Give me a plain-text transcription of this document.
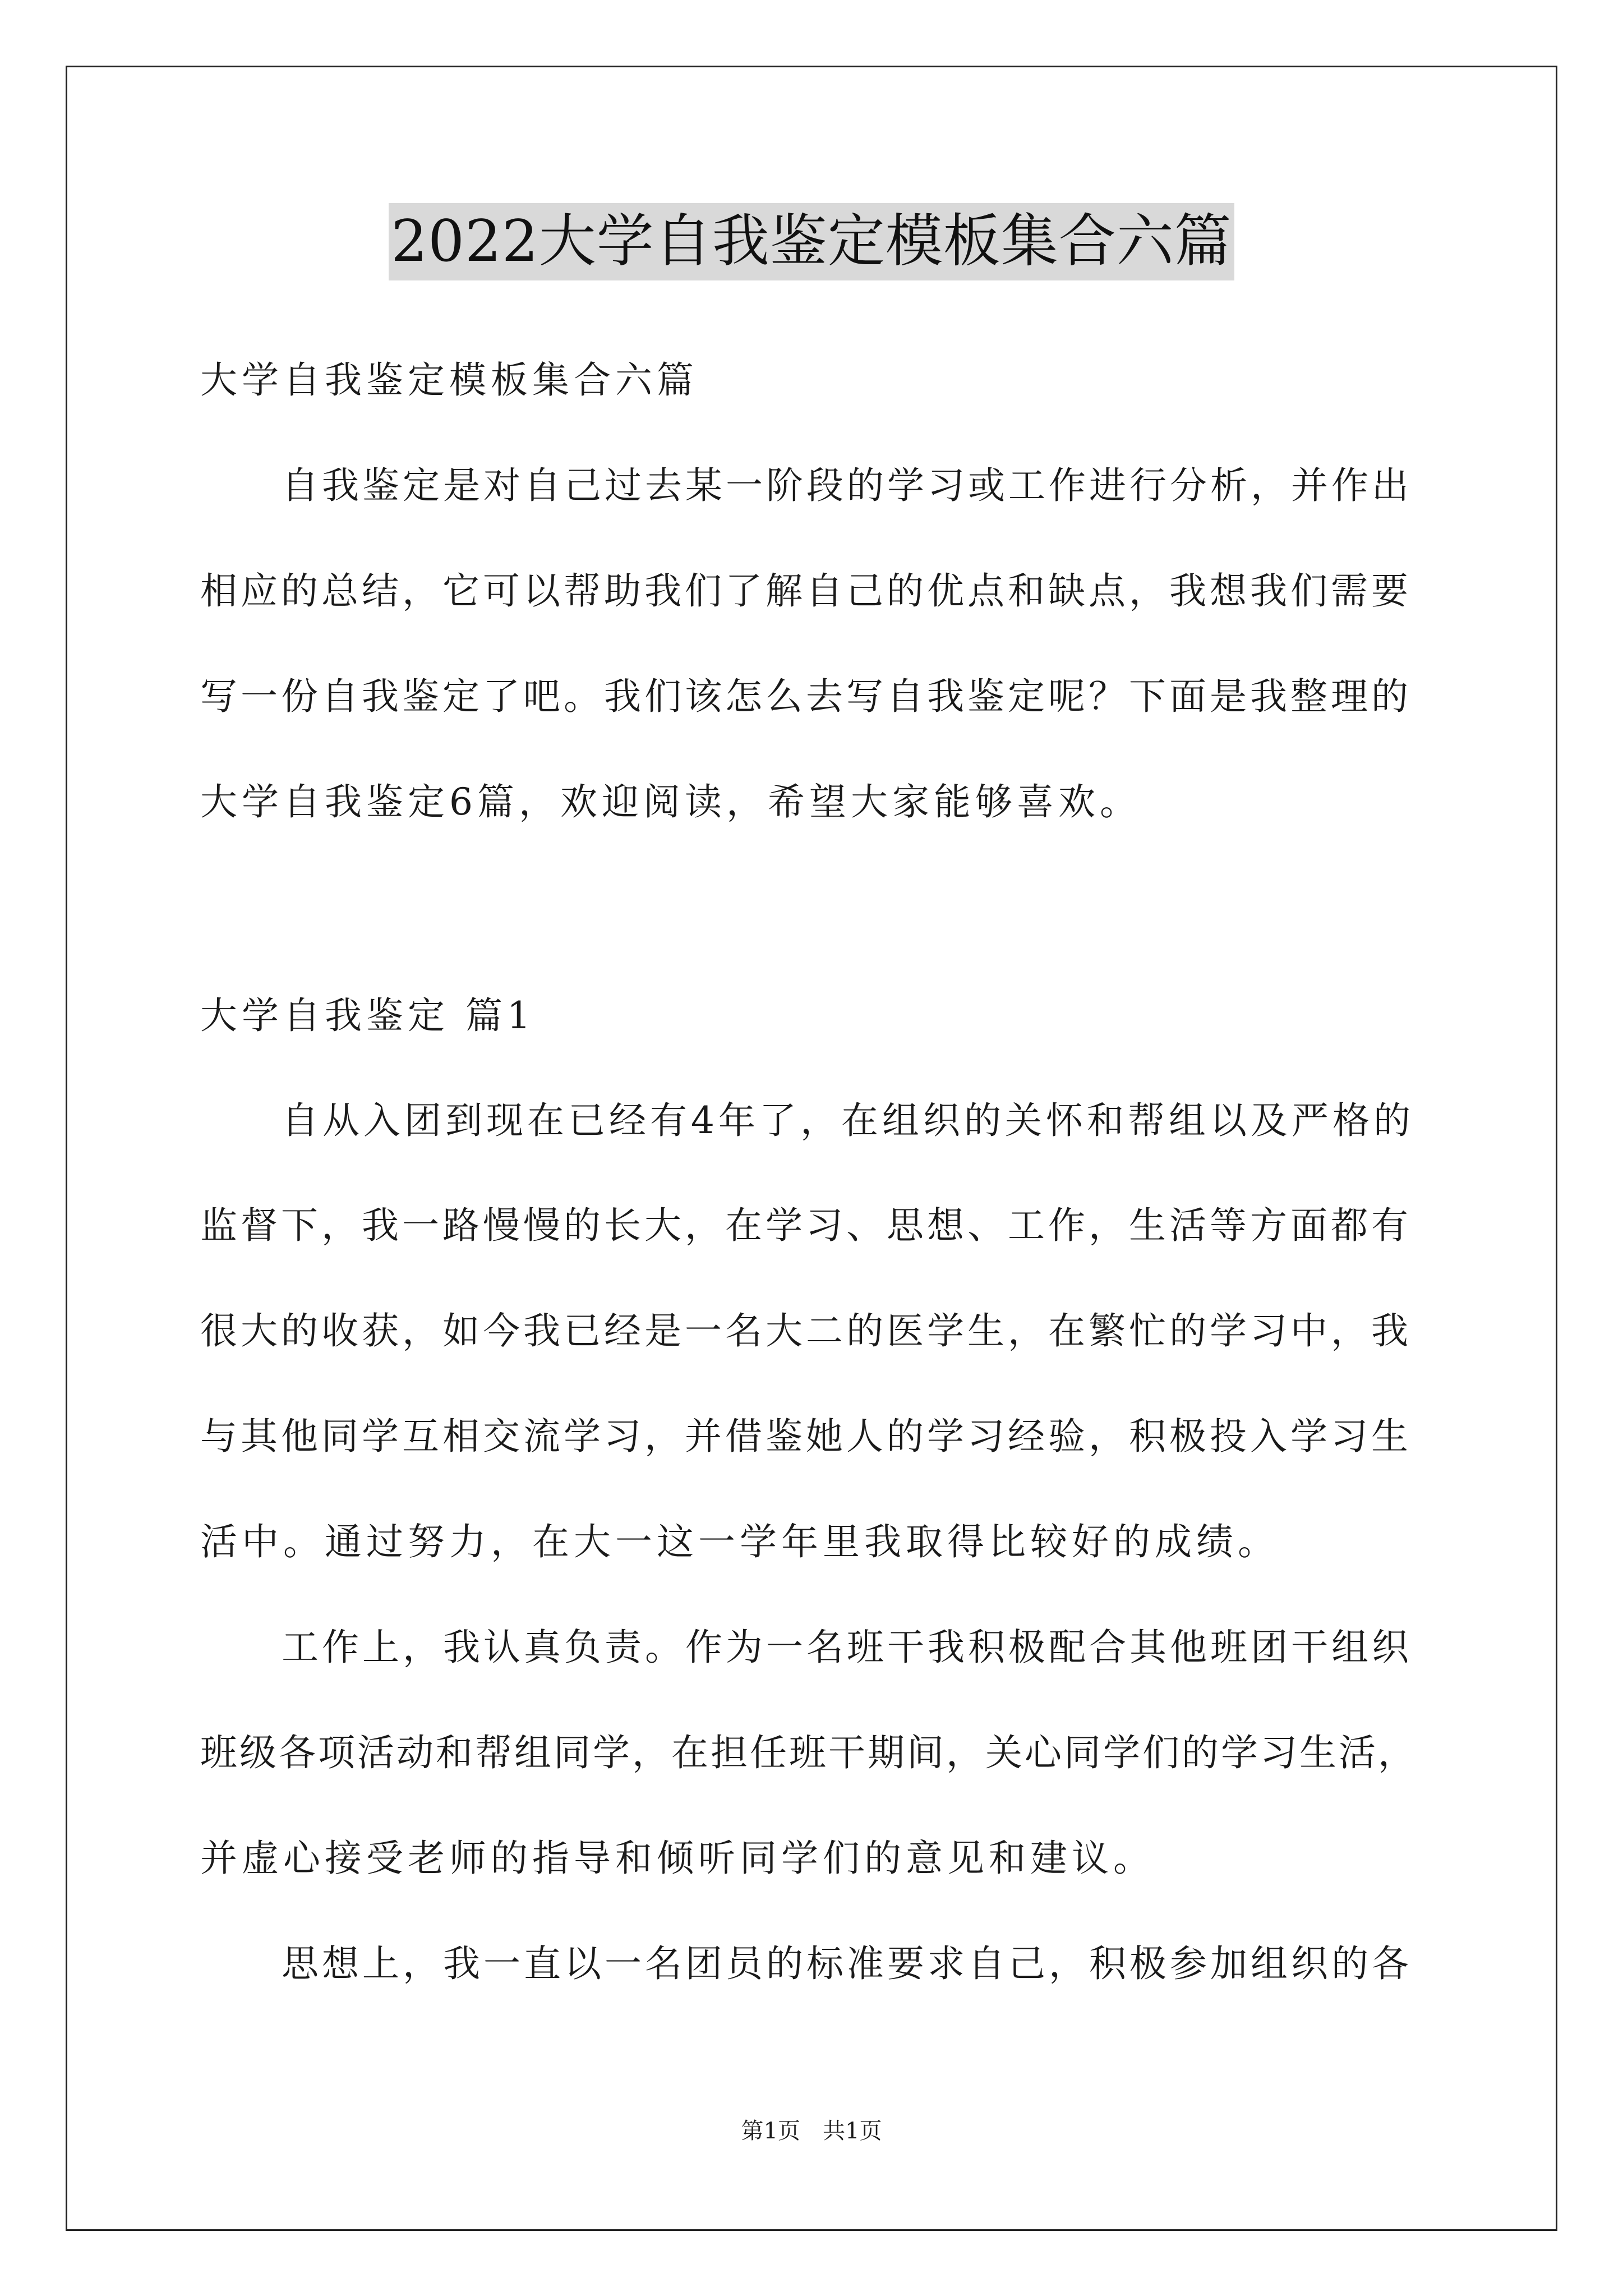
2022大学自我鉴定模板集合六篇

大学自我鉴定模板集合六篇

自我鉴定是对自己过去某一阶段的学习或工作进行分析，并作出

相应的总结，它可以帮助我们了解自己的优点和缺点，我想我们需要

写一份自我鉴定了吧。我们该怎么去写自我鉴定呢？下面是我整理的

大学自我鉴定6篇，欢迎阅读，希望大家能够喜欢。

大学自我鉴定 篇1

自从入团到现在已经有4年了，在组织的关怀和帮组以及严格的

监督下，我一路慢慢的长大，在学习、思想、工作，生活等方面都有

很大的收获，如今我已经是一名大二的医学生，在繁忙的学习中，我

与其他同学互相交流学习，并借鉴她人的学习经验，积极投入学习生

活中。通过努力，在大一这一学年里我取得比较好的成绩。

工作上，我认真负责。作为一名班干我积极配合其他班团干组织

班级各项活动和帮组同学，在担任班干期间，关心同学们的学习生活，

并虚心接受老师的指导和倾听同学们的意见和建议。

思想上，我一直以一名团员的标准要求自己，积极参加组织的各

第1页　共1页
